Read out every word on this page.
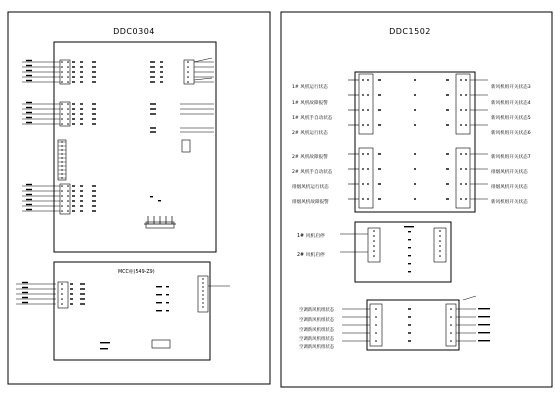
DDC0304
MCC柜(549-Z9)
DDC1502
1# 风机运行状态
1# 风机故障报警
1# 风机手自动状态
2# 风机运行状态
2# 风机故障报警
2# 风机手自动状态
排烟风机运行状态
排烟风机故障报警
新风机组开关状态3
新风机组开关状态4
新风机组开关状态5
新风机组开关状态6
新风机组开关状态7
排烟风机开关状态
排烟风机开关状态
新风机组开关状态
1# 风机启停
2# 风机启停
空调新风机组状态
空调新风机组状态
空调新风机组状态
空调新风机组状态
空调新风机组状态
